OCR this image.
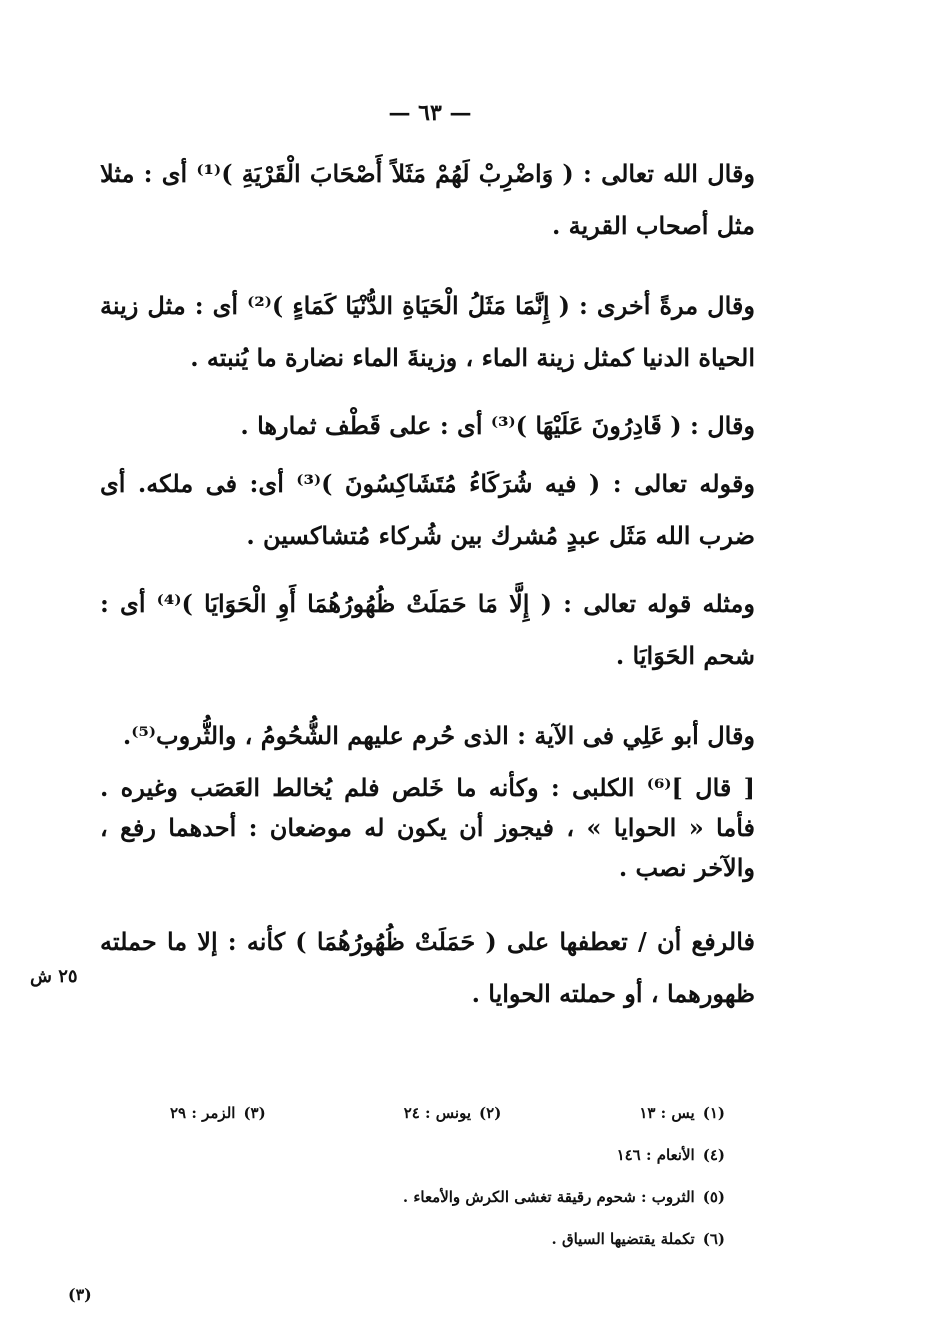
— ٦٣ —

وقال الله تعالى : ( وَاضْرِبْ لَهُمْ مَثَلاً أَصْحَابَ الْقَرْيَةِ )⁽¹⁾ أى : مثلا مثل أصحاب القرية .

وقال مرةً أخرى : ( إِنَّمَا مَثَلُ الْحَيَاةِ الدُّنْيَا كَمَاءٍ )⁽²⁾ أى : مثل زينة الحياة الدنيا كمثل زينة الماء ، وزينةَ الماء نضارة ما يُنبته .

وقال : ( قَادِرُونَ عَلَيْهَا )⁽³⁾ أى : على قَطْف ثمارها .

وقوله تعالى : ( فيه شُرَكَاءُ مُتَشَاكِسُونَ )⁽³⁾ أى: فى ملكه. أى ضرب الله مَثَل عبدٍ مُشرك بين شُركاء مُتشاكسين .

ومثله قوله تعالى : ( إِلَّا مَا حَمَلَتْ ظُهُورُهُمَا أَوِ الْحَوَايَا )⁽⁴⁾ أى : شحم الحَوَايَا .

وقال أبو عَلِي فى الآية : الذى حُرم عليهم الشُّحُومُ ، والثُّروب⁽⁵⁾.

[ قال ]⁽⁶⁾ الكلبى : وكأنه ما خَلص فلم يُخالط العَصَب وغيره . فأما « الحوايا » ، فيجوز أن يكون له موضعان : أحدهما رفع ، والآخر نصب .

فالرفع أن / تعطفها على ( حَمَلَتْ ظُهُورُهُمَا ) كأنه : إلا ما حملته ظهورهما ، أو حملته الحوايا .

٢٥ ش
(١)يس : ١٣
(٢)يونس : ٢٤
(٣)الزمر : ٢٩
(٤)الأنعام : ١٤٦
(٥)الثروب : شحوم رقيقة تغشى الكرش والأمعاء .
(٦)تكملة يقتضيها السياق .
(٣)
